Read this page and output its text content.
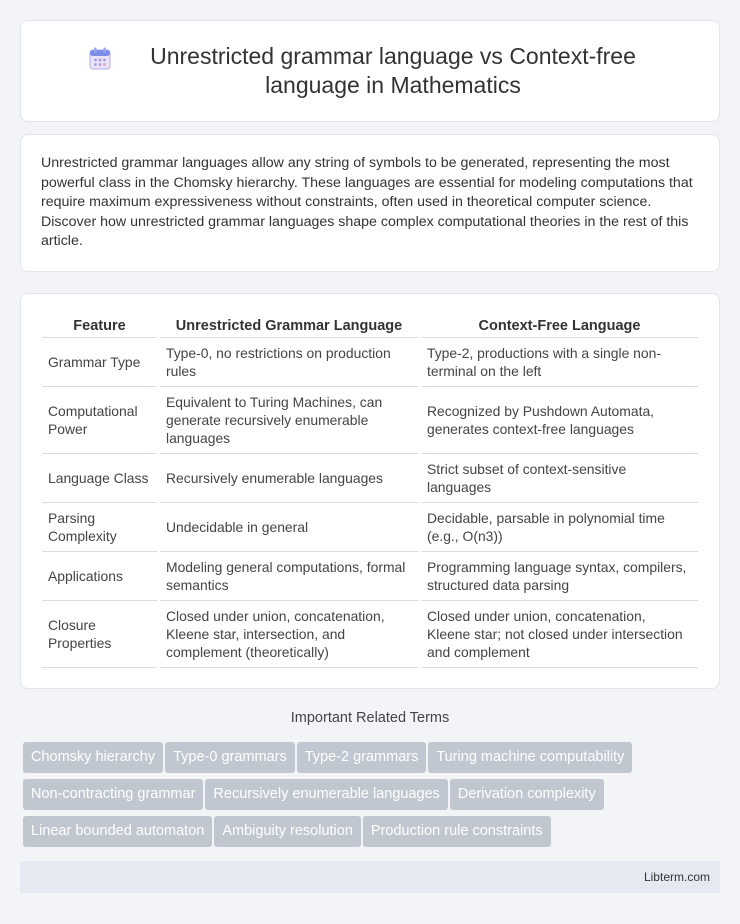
Unrestricted grammar language vs Context-free language in Mathematics

Unrestricted grammar languages allow any string of symbols to be generated, representing the most powerful class in the Chomsky hierarchy. These languages are essential for modeling computations that require maximum expressiveness without constraints, often used in theoretical computer science. Discover how unrestricted grammar languages shape complex computational theories in the rest of this article.

Feature	Unrestricted Grammar Language	Context-Free Language
Grammar Type	Type-0, no restrictions on production rules	Type-2, productions with a single non-terminal on the left
Computational Power	Equivalent to Turing Machines, can generate recursively enumerable languages	Recognized by Pushdown Automata, generates context-free languages
Language Class	Recursively enumerable languages	Strict subset of context-sensitive languages
Parsing Complexity	Undecidable in general	Decidable, parsable in polynomial time (e.g., O(n3))
Applications	Modeling general computations, formal semantics	Programming language syntax, compilers, structured data parsing
Closure Properties	Closed under union, concatenation, Kleene star, intersection, and complement (theoretically)	Closed under union, concatenation, Kleene star; not closed under intersection and complement
Important Related Terms
Chomsky hierarchy Type-0 grammars Type-2 grammars Turing machine computability
Non-contracting grammar Recursively enumerable languages Derivation complexity
Linear bounded automaton Ambiguity resolution Production rule constraints
Libterm.com
